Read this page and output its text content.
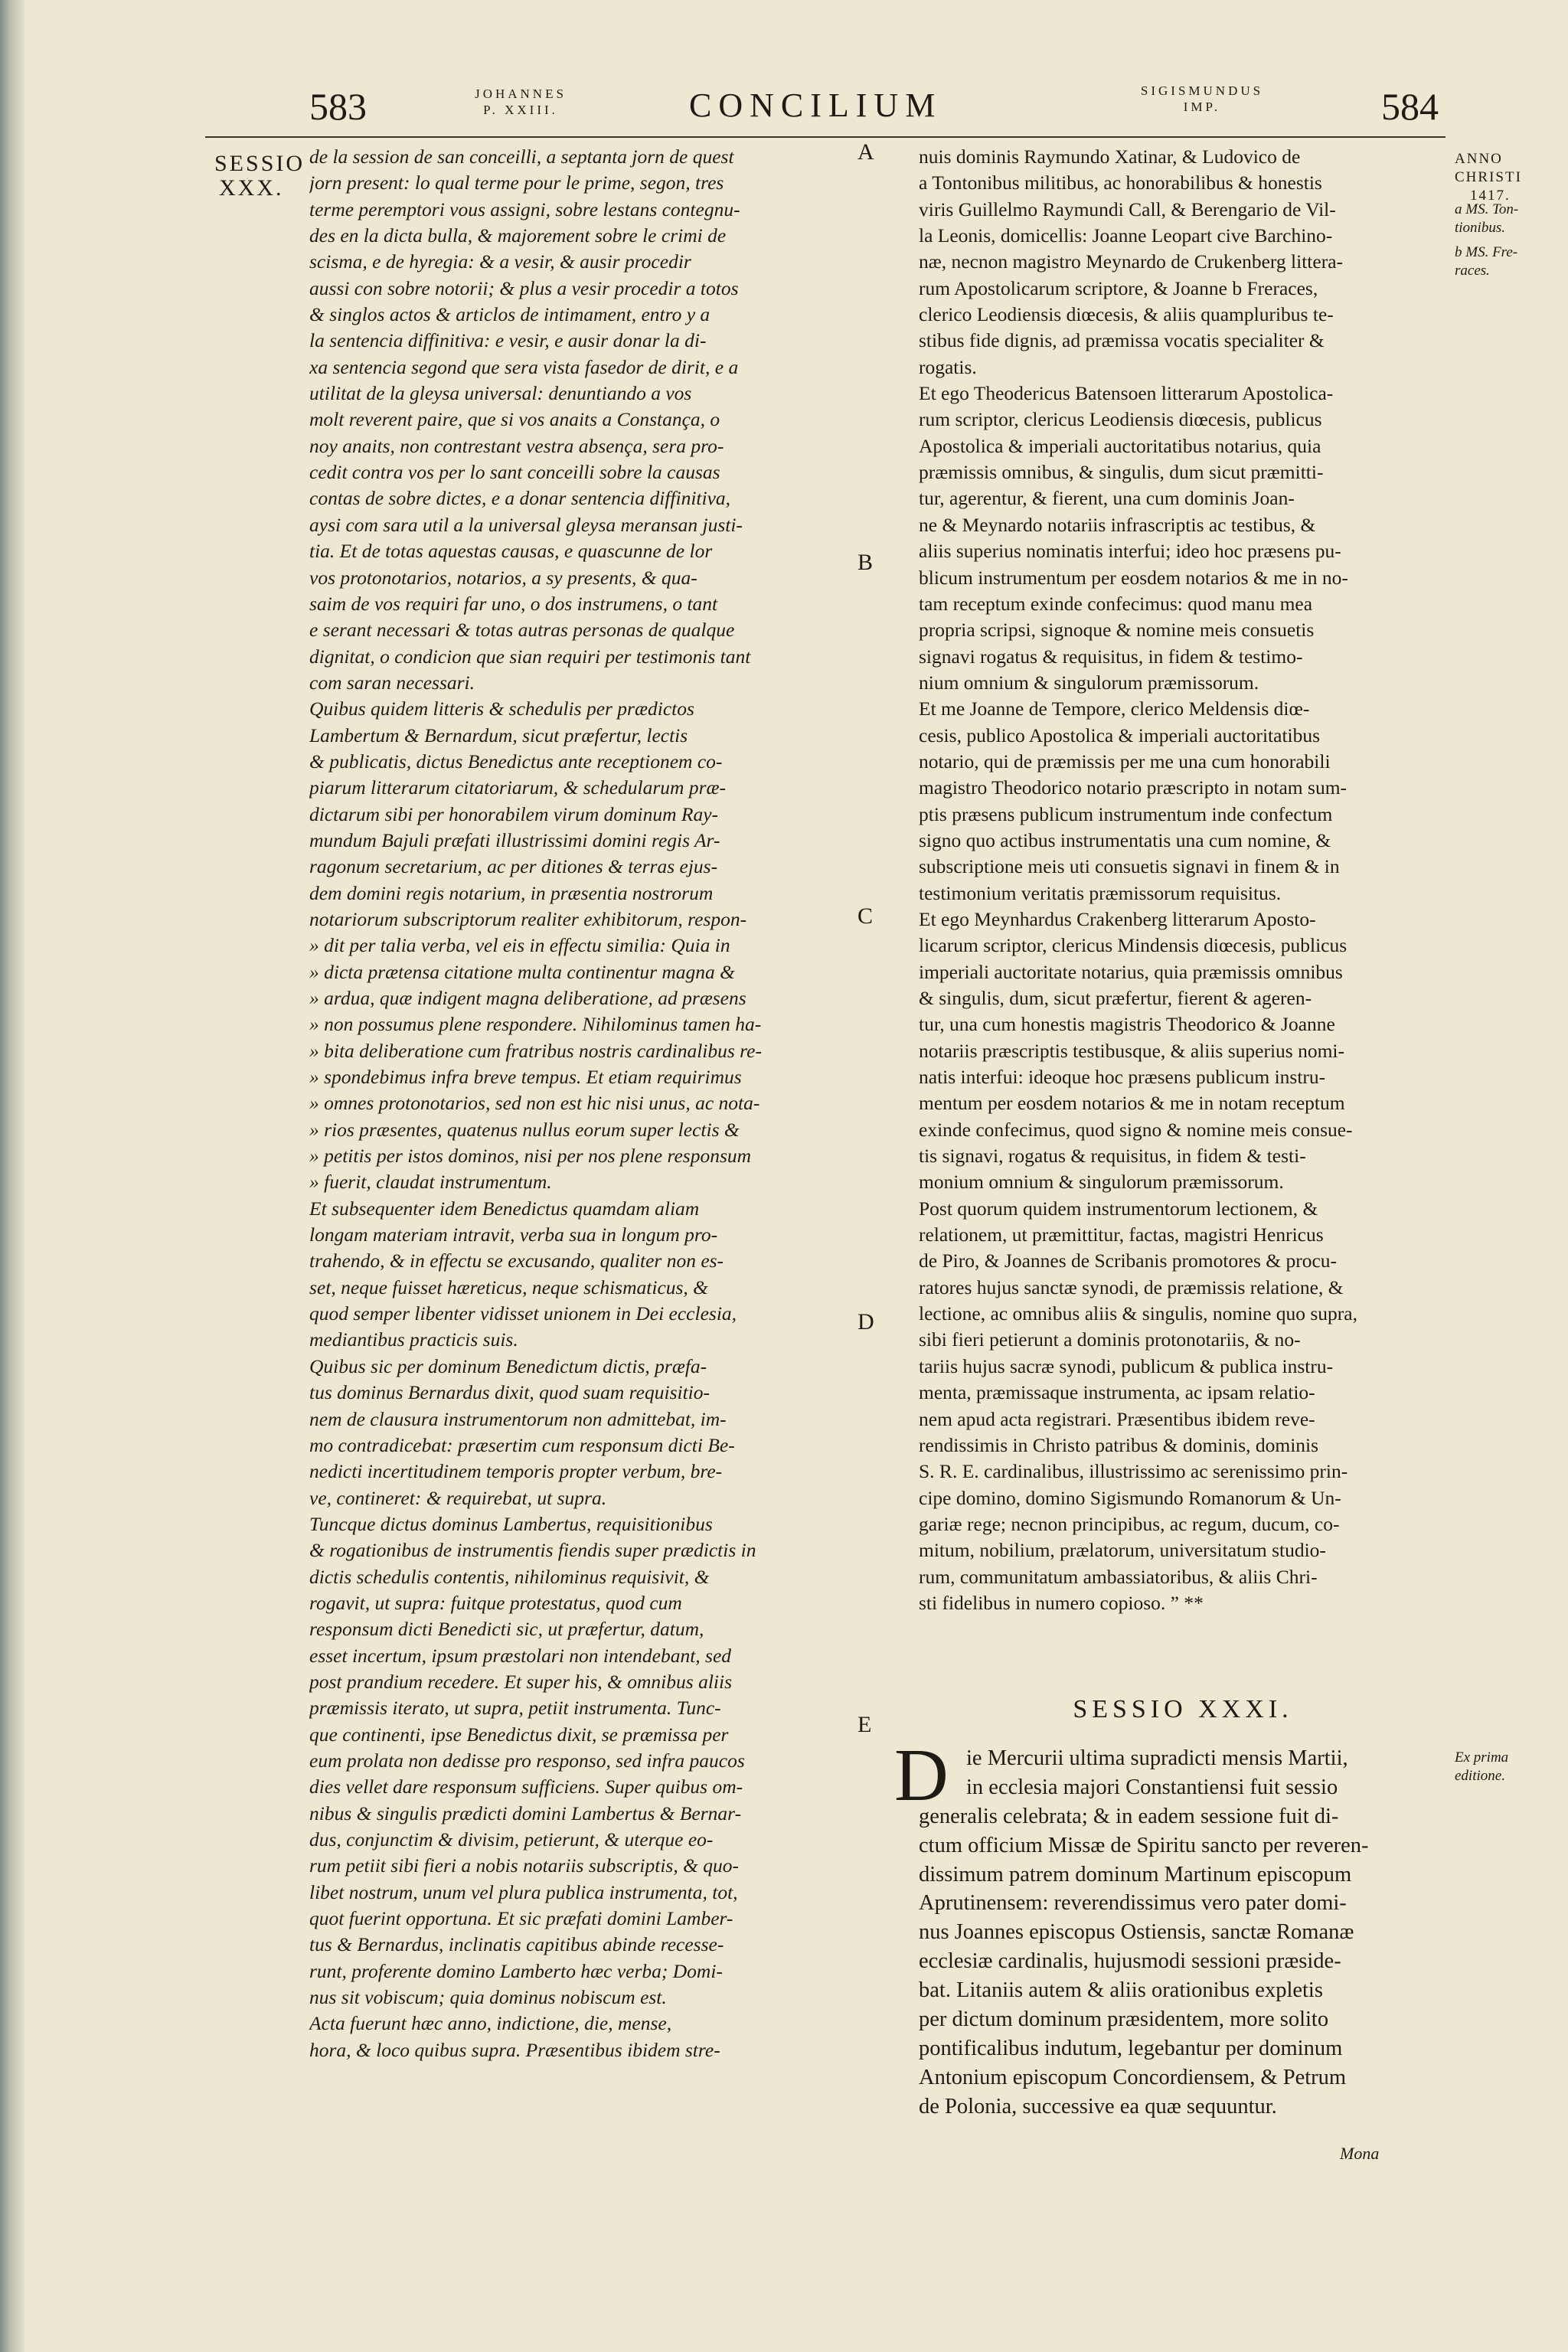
583	JOHANNES
P. XXIII.	CONCILIUM	SIGISMUNDUS
IMP.	584
SESSIO
XXX.
A
B
C
D
E
ANNO
CHRISTI
1417.
a MS. Ton-
tionibus.
b MS. Fre-
races.
Ex prima
editione.
de la session de san conceilli, a septanta jorn de quest
jorn present: lo qual terme pour le prime, segon, tres
terme peremptori vous assigni, sobre lestans contegnu-
des en la dicta bulla, & majorement sobre le crimi de
scisma, e de hyregia: & a vesir, & ausir procedir
aussi con sobre notorii; & plus a vesir procedir a totos
& singlos actos & articlos de intimament, entro y a
la sentencia diffinitiva: e vesir, e ausir donar la di-
xa sentencia segond que sera vista fasedor de dirit, e a
utilitat de la gleysa universal: denuntiando a vos
molt reverent paire, que si vos anaits a Constança, o
noy anaits, non contrestant vestra absença, sera pro-
cedit contra vos per lo sant conceilli sobre la causas
contas de sobre dictes, e a donar sentencia diffinitiva,
aysi com sara util a la universal gleysa meransan justi-
tia. Et de totas aquestas causas, e quascunne de lor
vos protonotarios, notarios, a sy presents, & qua-
saim de vos requiri far uno, o dos instrumens, o tant
e serant necessari & totas autras personas de qualque
dignitat, o condicion que sian requiri per testimonis tant
com saran necessari.
Quibus quidem litteris & schedulis per prædictos
Lambertum & Bernardum, sicut præfertur, lectis
& publicatis, dictus Benedictus ante receptionem co-
piarum litterarum citatoriarum, & schedularum præ-
dictarum sibi per honorabilem virum dominum Ray-
mundum Bajuli præfati illustrissimi domini regis Ar-
ragonum secretarium, ac per ditiones & terras ejus-
dem domini regis notarium, in præsentia nostrorum
notariorum subscriptorum realiter exhibitorum, respon-
» dit per talia verba, vel eis in effectu similia: Quia in
» dicta prætensa citatione multa continentur magna &
» ardua, quæ indigent magna deliberatione, ad præsens
» non possumus plene respondere. Nihilominus tamen ha-
» bita deliberatione cum fratribus nostris cardinalibus re-
» spondebimus infra breve tempus. Et etiam requirimus
» omnes protonotarios, sed non est hic nisi unus, ac nota-
» rios præsentes, quatenus nullus eorum super lectis &
» petitis per istos dominos, nisi per nos plene responsum
» fuerit, claudat instrumentum.
Et subsequenter idem Benedictus quamdam aliam
longam materiam intravit, verba sua in longum pro-
trahendo, & in effectu se excusando, qualiter non es-
set, neque fuisset hæreticus, neque schismaticus, &
quod semper libenter vidisset unionem in Dei ecclesia,
mediantibus practicis suis.
Quibus sic per dominum Benedictum dictis, præfa-
tus dominus Bernardus dixit, quod suam requisitio-
nem de clausura instrumentorum non admittebat, im-
mo contradicebat: præsertim cum responsum dicti Be-
nedicti incertitudinem temporis propter verbum, bre-
ve, contineret: & requirebat, ut supra.
Tuncque dictus dominus Lambertus, requisitionibus
& rogationibus de instrumentis fiendis super prædictis in
dictis schedulis contentis, nihilominus requisivit, &
rogavit, ut supra: fuitque protestatus, quod cum
responsum dicti Benedicti sic, ut præfertur, datum,
esset incertum, ipsum præstolari non intendebant, sed
post prandium recedere. Et super his, & omnibus aliis
præmissis iterato, ut supra, petiit instrumenta. Tunc-
que continenti, ipse Benedictus dixit, se præmissa per
eum prolata non dedisse pro responso, sed infra paucos
dies vellet dare responsum sufficiens. Super quibus om-
nibus & singulis prædicti domini Lambertus & Bernar-
dus, conjunctim & divisim, petierunt, & uterque eo-
rum petiit sibi fieri a nobis notariis subscriptis, & quo-
libet nostrum, unum vel plura publica instrumenta, tot,
quot fuerint opportuna. Et sic præfati domini Lamber-
tus & Bernardus, inclinatis capitibus abinde recesse-
runt, proferente domino Lamberto hæc verba; Domi-
nus sit vobiscum; quia dominus nobiscum est.
Acta fuerunt hæc anno, indictione, die, mense,
hora, & loco quibus supra. Præsentibus ibidem stre-
nuis dominis Raymundo Xatinar, & Ludovico de
a Tontonibus militibus, ac honorabilibus & honestis
viris Guillelmo Raymundi Call, & Berengario de Vil-
la Leonis, domicellis: Joanne Leopart cive Barchino-
næ, necnon magistro Meynardo de Crukenberg littera-
rum Apostolicarum scriptore, & Joanne b Freraces,
clerico Leodiensis diœcesis, & aliis quampluribus te-
stibus fide dignis, ad præmissa vocatis specialiter &
rogatis.
Et ego Theodericus Batensoen litterarum Apostolica-
rum scriptor, clericus Leodiensis diœcesis, publicus
Apostolica & imperiali auctoritatibus notarius, quia
præmissis omnibus, & singulis, dum sicut præmitti-
tur, agerentur, & fierent, una cum dominis Joan-
ne & Meynardo notariis infrascriptis ac testibus, &
aliis superius nominatis interfui; ideo hoc præsens pu-
blicum instrumentum per eosdem notarios & me in no-
tam receptum exinde confecimus: quod manu mea
propria scripsi, signoque & nomine meis consuetis
signavi rogatus & requisitus, in fidem & testimo-
nium omnium & singulorum præmissorum.
Et me Joanne de Tempore, clerico Meldensis diœ-
cesis, publico Apostolica & imperiali auctoritatibus
notario, qui de præmissis per me una cum honorabili
magistro Theodorico notario præscripto in notam sum-
ptis præsens publicum instrumentum inde confectum
signo quo actibus instrumentatis una cum nomine, &
subscriptione meis uti consuetis signavi in finem & in
testimonium veritatis præmissorum requisitus.
Et ego Meynhardus Crakenberg litterarum Aposto-
licarum scriptor, clericus Mindensis diœcesis, publicus
imperiali auctoritate notarius, quia præmissis omnibus
& singulis, dum, sicut præfertur, fierent & ageren-
tur, una cum honestis magistris Theodorico & Joanne
notariis præscriptis testibusque, & aliis superius nomi-
natis interfui: ideoque hoc præsens publicum instru-
mentum per eosdem notarios & me in notam receptum
exinde confecimus, quod signo & nomine meis consue-
tis signavi, rogatus & requisitus, in fidem & testi-
monium omnium & singulorum præmissorum.
Post quorum quidem instrumentorum lectionem, &
relationem, ut præmittitur, factas, magistri Henricus
de Piro, & Joannes de Scribanis promotores & procu-
ratores hujus sanctæ synodi, de præmissis relatione, &
lectione, ac omnibus aliis & singulis, nomine quo supra,
sibi fieri petierunt a dominis protonotariis, & no-
tariis hujus sacræ synodi, publicum & publica instru-
menta, præmissaque instrumenta, ac ipsam relatio-
nem apud acta registrari. Præsentibus ibidem reve-
rendissimis in Christo patribus & dominis, dominis
S. R. E. cardinalibus, illustrissimo ac serenissimo prin-
cipe domino, domino Sigismundo Romanorum & Un-
gariæ rege; necnon principibus, ac regum, ducum, co-
mitum, nobilium, prælatorum, universitatum studio-
rum, communitatum ambassiatoribus, & aliis Chri-
sti fidelibus in numero copioso. ” **
SESSIO XXXI.
D ie Mercurii ultima supradicti mensis Martii,
in ecclesia majori Constantiensi fuit sessio
generalis celebrata; & in eadem sessione fuit di-
ctum officium Missæ de Spiritu sancto per reveren-
dissimum patrem dominum Martinum episcopum
Aprutinensem: reverendissimus vero pater domi-
nus Joannes episcopus Ostiensis, sanctæ Romanæ
ecclesiæ cardinalis, hujusmodi sessioni præside-
bat. Litaniis autem & aliis orationibus expletis
per dictum dominum præsidentem, more solito
pontificalibus indutum, legebantur per dominum
Antonium episcopum Concordiensem, & Petrum
de Polonia, successive ea quæ sequuntur.
Mona
